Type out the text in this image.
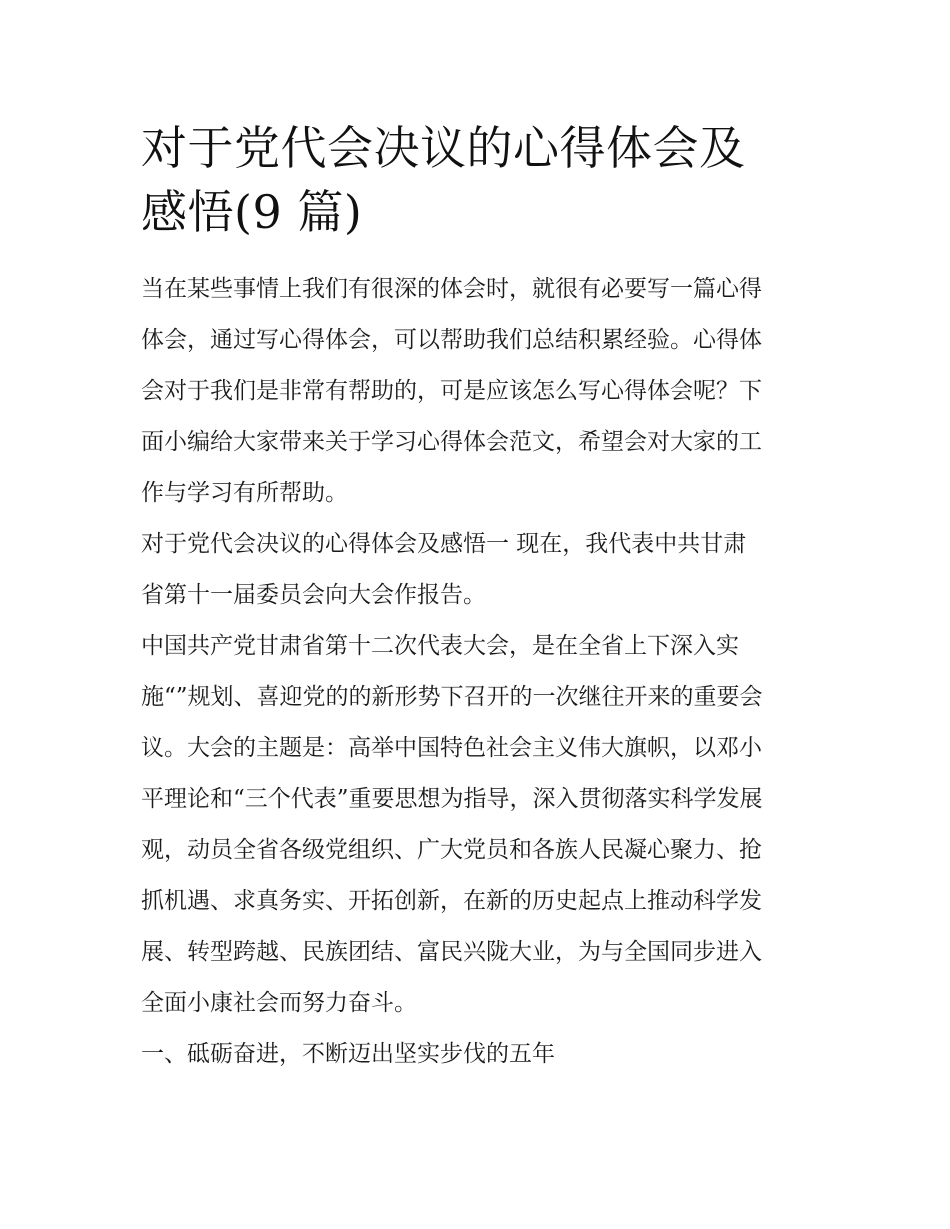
对于党代会决议的心得体会及
感悟(9 篇)

当在某些事情上我们有很深的体会时，就很有必要写一篇心得
体会，通过写心得体会，可以帮助我们总结积累经验。心得体
会对于我们是非常有帮助的，可是应该怎么写心得体会呢？下
面小编给大家带来关于学习心得体会范文，希望会对大家的工
作与学习有所帮助。

对于党代会决议的心得体会及感悟一 现在，我代表中共甘肃
省第十一届委员会向大会作报告。

中国共产党甘肃省第十二次代表大会，是在全省上下深入实
施“”规划、喜迎党的的新形势下召开的一次继往开来的重要会
议。大会的主题是：高举中国特色社会主义伟大旗帜，以邓小
平理论和“三个代表”重要思想为指导，深入贯彻落实科学发展
观，动员全省各级党组织、广大党员和各族人民凝心聚力、抢
抓机遇、求真务实、开拓创新，在新的历史起点上推动科学发
展、转型跨越、民族团结、富民兴陇大业，为与全国同步进入
全面小康社会而努力奋斗。

一、砥砺奋进，不断迈出坚实步伐的五年
